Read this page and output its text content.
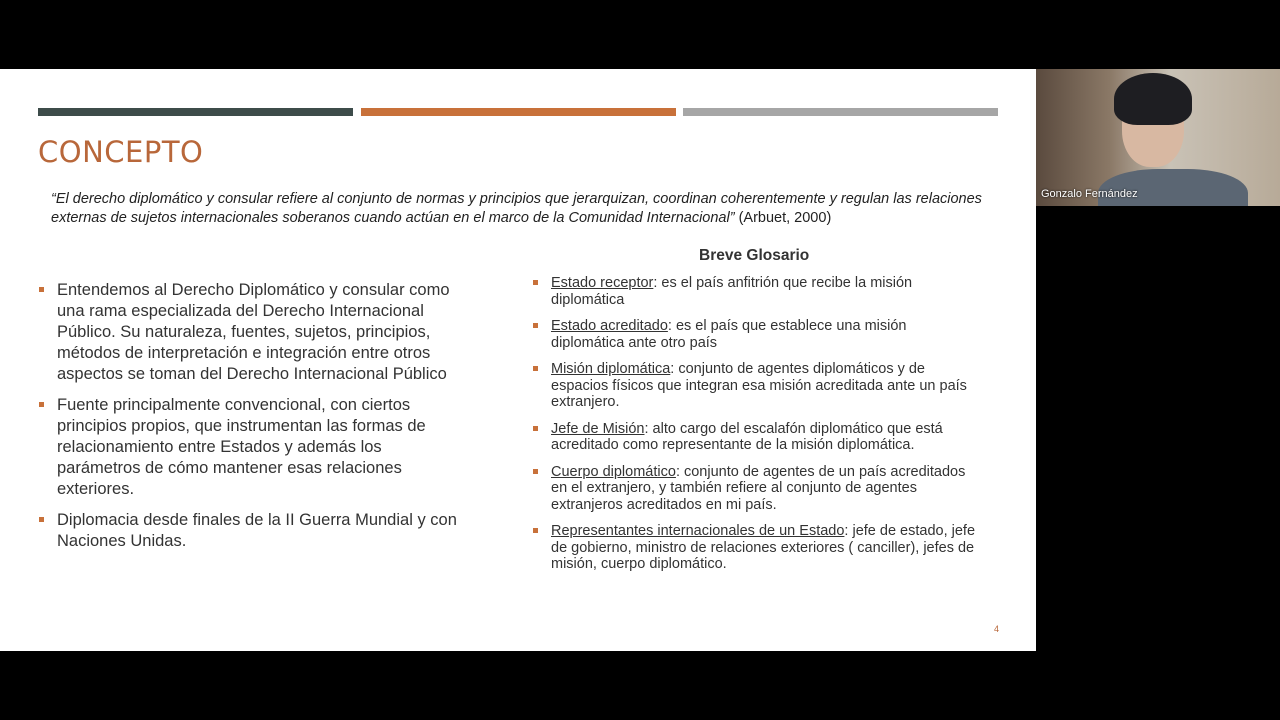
CONCEPTO
“El derecho diplomático y consular refiere al conjunto de normas y principios que jerarquizan, coordinan coherentemente y regulan las relaciones externas de sujetos internacionales soberanos cuando actúan en el marco de la Comunidad Internacional” (Arbuet, 2000)
Entendemos al Derecho Diplomático y consular como una rama especializada del Derecho Internacional Público. Su naturaleza, fuentes, sujetos, principios, métodos de interpretación e integración entre otros aspectos se toman del Derecho Internacional Público
Fuente principalmente convencional, con ciertos principios propios, que instrumentan las formas de relacionamiento entre Estados y además los parámetros de cómo mantener esas relaciones exteriores.
Diplomacia desde finales de la II Guerra Mundial y con Naciones Unidas.
Breve Glosario
Estado receptor: es el país anfitrión que recibe la misión diplomática
Estado acreditado: es el país que establece una misión diplomática ante otro país
Misión diplomática: conjunto de agentes diplomáticos y de espacios físicos que integran esa misión acreditada ante un país extranjero.
Jefe de Misión: alto cargo del escalafón diplomático que está acreditado como representante de la misión diplomática.
Cuerpo diplomático: conjunto de agentes de un país acreditados en el extranjero, y también refiere al conjunto de agentes extranjeros acreditados en mi país.
Representantes internacionales de un Estado: jefe de estado, jefe de gobierno, ministro de relaciones exteriores ( canciller), jefes de misión, cuerpo diplomático.
4
Gonzalo Fernández
